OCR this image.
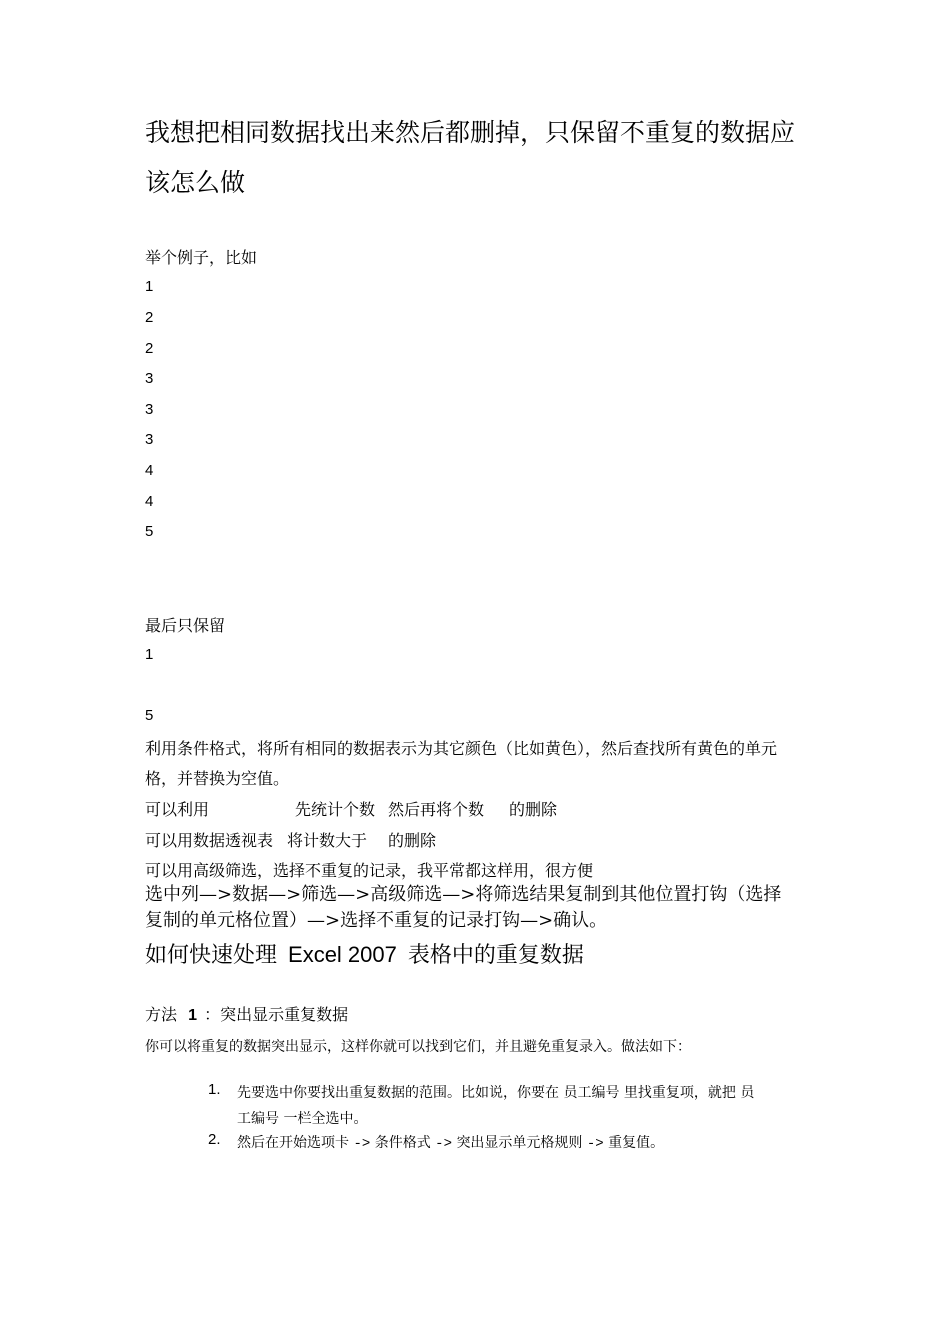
我想把相同数据找出来然后都删掉，只保留不重复的数据应
该怎么做
举个例子，比如
1
2
2
3
3
3
4
4
5
最后只保留
1
5
利用条件格式，将所有相同的数据表示为其它颜色（比如黄色），然后查找所有黄色的单元
格，并替换为空值。
可以利用	先统计个数 然后再将个数 的删除
可以用数据透视表 将计数大于 的删除
可以用高级筛选，选择不重复的记录，我平常都这样用，很方便
选中列—>数据—>筛选—>高级筛选—>将筛选结果复制到其他位置打钩（选择
复制的单元格位置）—>选择不重复的记录打钩—>确认。
如何快速处理 Excel 2007 表格中的重复数据
方法 1 ：突出显示重复数据
你可以将重复的数据突出显示，这样你就可以找到它们，并且避免重复录入。做法如下：
1. 先要选中你要找出重复数据的范围。比如说，你要在 员工编号 里找重复项，就把 员
工编号 一栏全选中。
2. 然后在开始选项卡 -> 条件格式 -> 突出显示单元格规则 -> 重复值。
